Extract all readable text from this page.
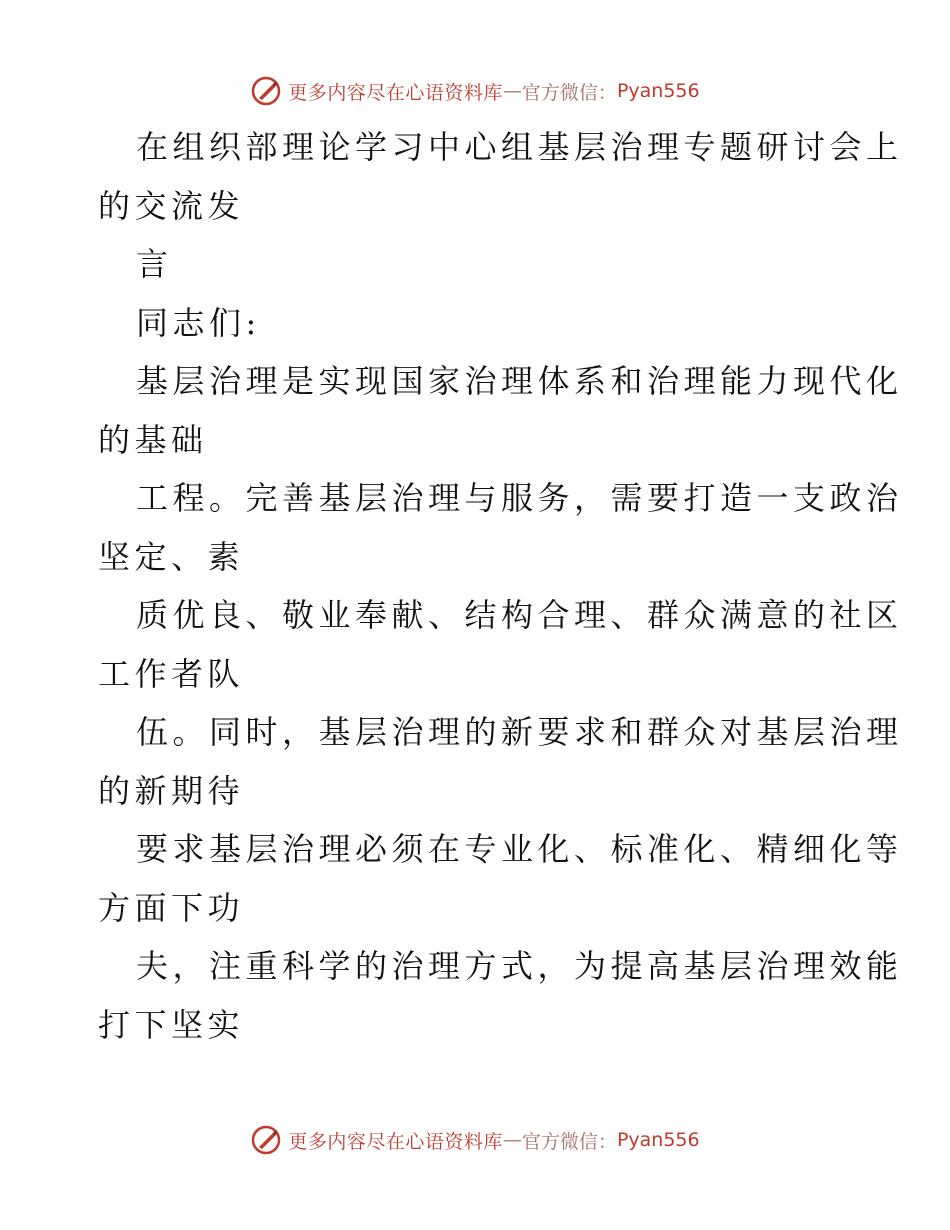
更多内容尽在心语资料库 — 官方微信： Pyan556
在组织部理论学习中心组基层治理专题研讨会上
的交流发
言
同志们:
基层治理是实现国家治理体系和治理能力现代化
的基础
工程。完善基层治理与服务，需要打造一支政治
坚定、素
质优良、敬业奉献、结构合理、群众满意的社区
工作者队
伍。同时，基层治理的新要求和群众对基层治理
的新期待
要求基层治理必须在专业化、标准化、精细化等
方面下功
夫，注重科学的治理方式，为提高基层治理效能
打下坚实
更多内容尽在心语资料库 — 官方微信： Pyan556
